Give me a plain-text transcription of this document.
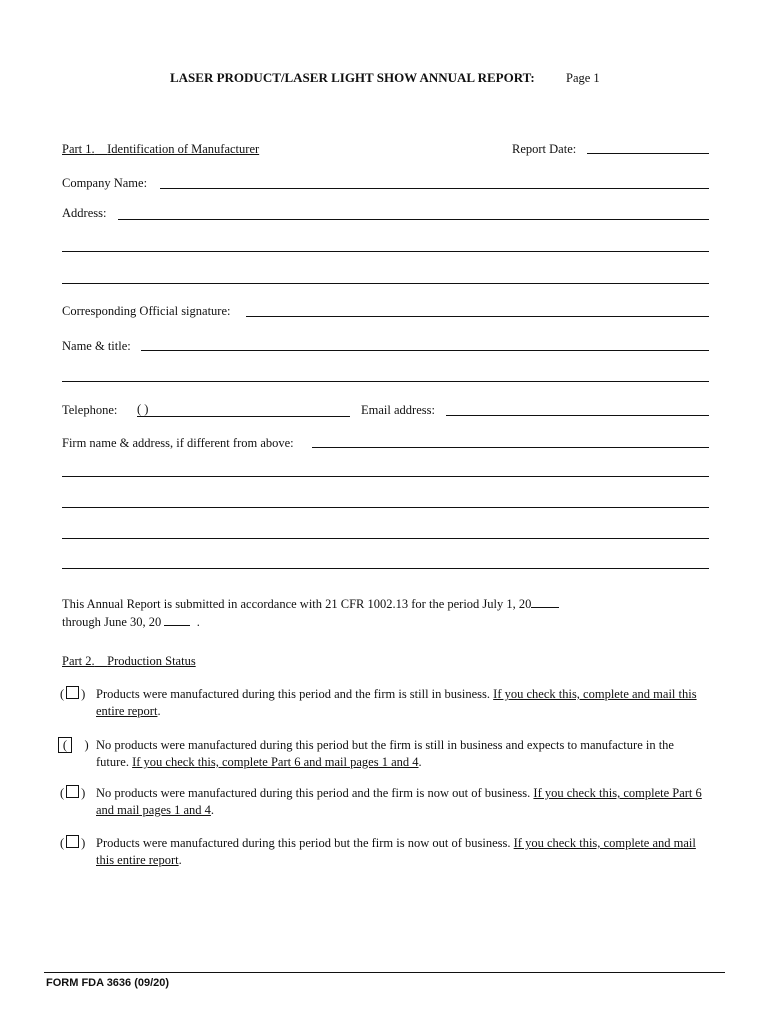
LASER PRODUCT/LASER LIGHT SHOW ANNUAL REPORT:	Page 1
Part 1. Identification of Manufacturer	Report Date:
Company Name:
Address:
Corresponding Official signature:
Name & title:
Telephone: ( )	Email address:
Firm name & address, if different from above:
This Annual Report is submitted in accordance with 21 CFR 1002.13 for the period July 1, 20
through June 30, 20	.
Part 2. Production Status
( ) Products were manufactured during this period and the firm is still in business. If you check this, complete and mail this entire report.
(    ) No products were manufactured during this period but the firm is still in business and expects to manufacture in the future. If you check this, complete Part 6 and mail pages 1 and 4.
( ) No products were manufactured during this period and the firm is now out of business. If you check this, complete Part 6 and mail pages 1 and 4.
( ) Products were manufactured during this period but the firm is now out of business. If you check this, complete and mail this entire report.
FORM FDA 3636 (09/20)
